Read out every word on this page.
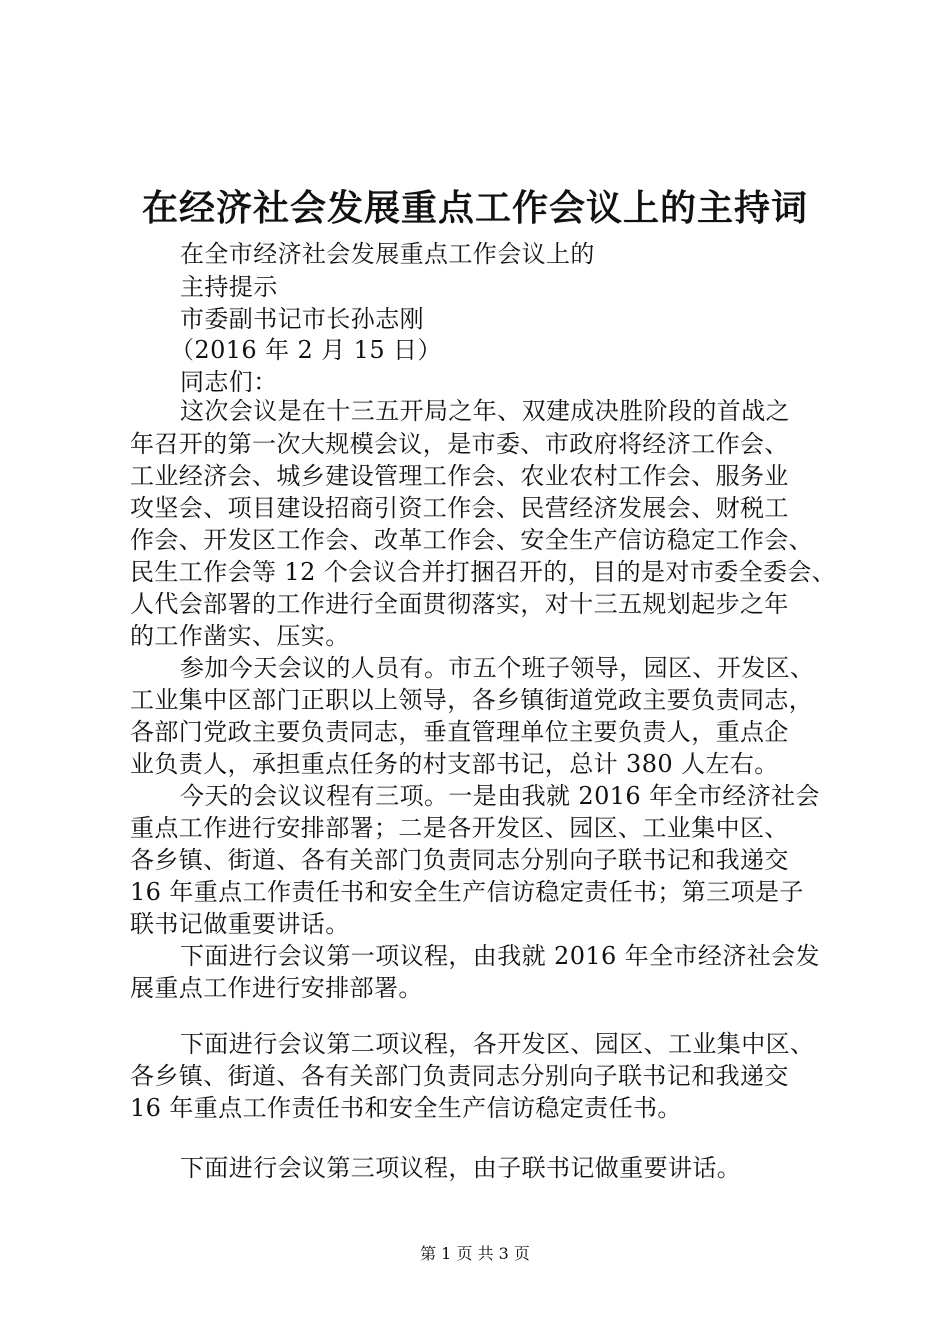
在经济社会发展重点工作会议上的主持词
在全市经济社会发展重点工作会议上的
主持提示
市委副书记市长孙志刚
（2016 年 2 月 15 日）
同志们：
这次会议是在十三五开局之年、双建成决胜阶段的首战之
年召开的第一次大规模会议，是市委、市政府将经济工作会、
工业经济会、城乡建设管理工作会、农业农村工作会、服务业
攻坚会、项目建设招商引资工作会、民营经济发展会、财税工
作会、开发区工作会、改革工作会、安全生产信访稳定工作会、
民生工作会等 12 个会议合并打捆召开的，目的是对市委全委会、
人代会部署的工作进行全面贯彻落实，对十三五规划起步之年
的工作凿实、压实。
参加今天会议的人员有。市五个班子领导，园区、开发区、
工业集中区部门正职以上领导，各乡镇街道党政主要负责同志，
各部门党政主要负责同志，垂直管理单位主要负责人，重点企
业负责人，承担重点任务的村支部书记，总计 380 人左右。
今天的会议议程有三项。一是由我就 2016 年全市经济社会
重点工作进行安排部署；二是各开发区、园区、工业集中区、
各乡镇、街道、各有关部门负责同志分别向子联书记和我递交
16 年重点工作责任书和安全生产信访稳定责任书；第三项是子
联书记做重要讲话。
下面进行会议第一项议程，由我就 2016 年全市经济社会发
展重点工作进行安排部署。
下面进行会议第二项议程，各开发区、园区、工业集中区、
各乡镇、街道、各有关部门负责同志分别向子联书记和我递交
16 年重点工作责任书和安全生产信访稳定责任书。
下面进行会议第三项议程，由子联书记做重要讲话。
第 1 页 共 3 页
